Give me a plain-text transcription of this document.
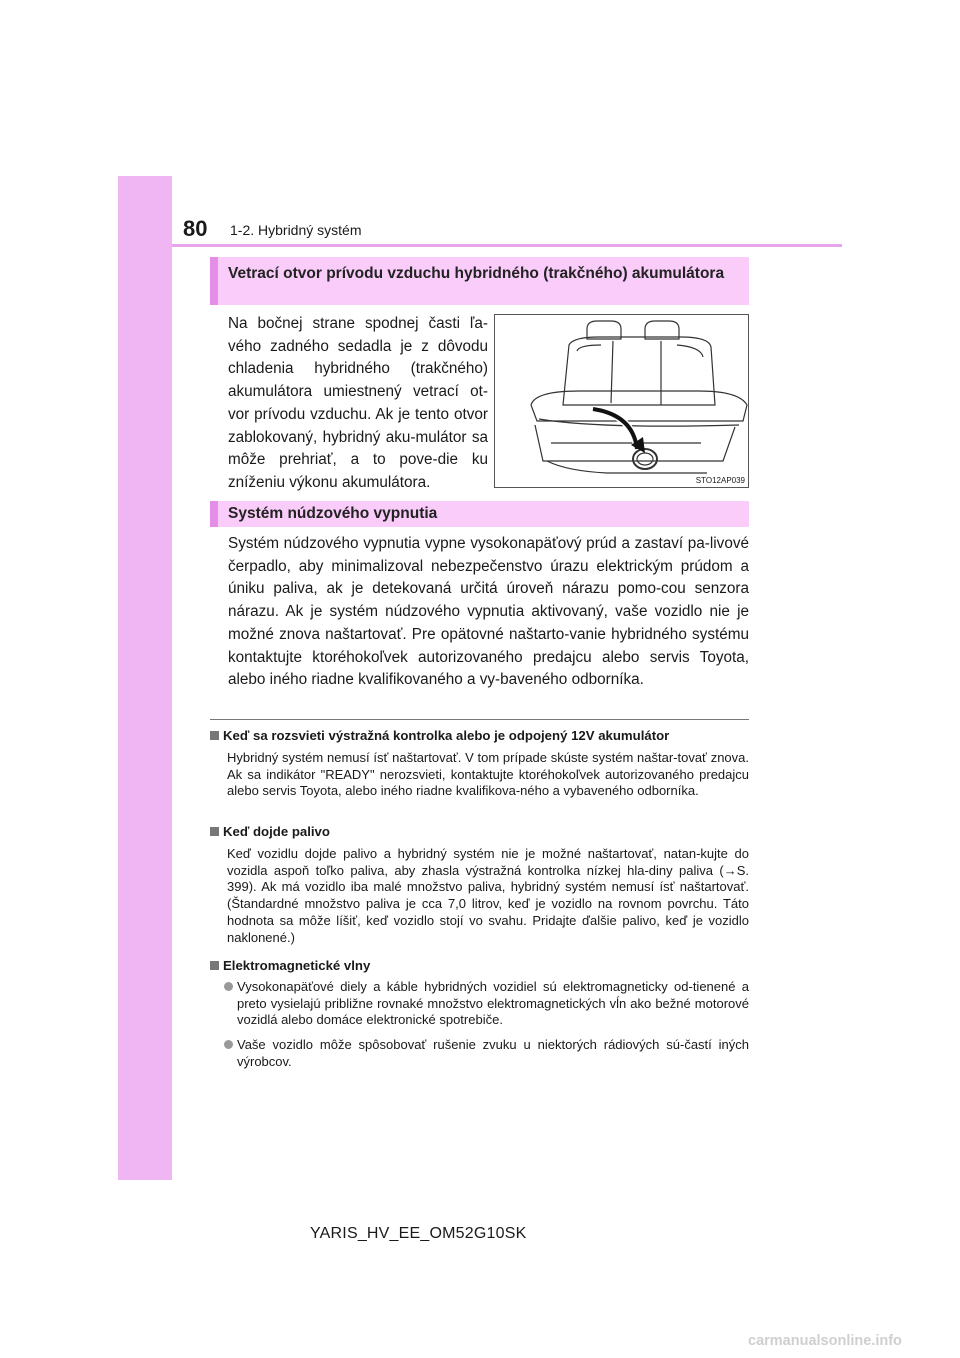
80 1-2. Hybridný systém
Vetrací otvor prívodu vzduchu hybridného (trakčného) akumulátora
Na bočnej strane spodnej časti ľa-vého zadného sedadla je z dôvodu chladenia hybridného (trakčného) akumulátora umiestnený vetrací ot-vor prívodu vzduchu. Ak je tento otvor zablokovaný, hybridný aku-mulátor sa môže prehriať, a to pove-die ku zníženiu výkonu akumulátora.	STO12AP039
Systém núdzového vypnutia
Systém núdzového vypnutia vypne vysokonapäťový prúd a zastaví pa-livové čerpadlo, aby minimalizoval nebezpečenstvo úrazu elektrickým prúdom a úniku paliva, ak je detekovaná určitá úroveň nárazu pomo-cou senzora nárazu. Ak je systém núdzového vypnutia aktivovaný, vaše vozidlo nie je možné znova naštartovať. Pre opätovné naštarto-vanie hybridného systému kontaktujte ktoréhokoľvek autorizovaného predajcu alebo servis Toyota, alebo iného riadne kvalifikovaného a vy-baveného odborníka.
Keď sa rozsvieti výstražná kontrolka alebo je odpojený 12V akumulátor
Hybridný systém nemusí ísť naštartovať. V tom prípade skúste systém naštar-tovať znova. Ak sa indikátor "READY" nerozsvieti, kontaktujte ktoréhokoľvek autorizovaného predajcu alebo servis Toyota, alebo iného riadne kvalifikova-ného a vybaveného odborníka.
Keď dojde palivo
Keď vozidlu dojde palivo a hybridný systém nie je možné naštartovať, natan-kujte do vozidla aspoň toľko paliva, aby zhasla výstražná kontrolka nízkej hla-diny paliva (→S. 399). Ak má vozidlo iba malé množstvo paliva, hybridný systém nemusí ísť naštartovať. (Štandardné množstvo paliva je cca 7,0 litrov, keď je vozidlo na rovnom povrchu. Táto hodnota sa môže líšiť, keď vozidlo stojí vo svahu. Pridajte ďalšie palivo, keď je vozidlo naklonené.)
Elektromagnetické vlny
Vysokonapäťové diely a káble hybridných vozidiel sú elektromagneticky od-tienené a preto vysielajú približne rovnaké množstvo elektromagnetických vĺn ako bežné motorové vozidlá alebo domáce elektronické spotrebiče.
Vaše vozidlo môže spôsobovať rušenie zvuku u niektorých rádiových sú-častí iných výrobcov.
YARIS_HV_EE_OM52G10SK
carmanualsonline.info
